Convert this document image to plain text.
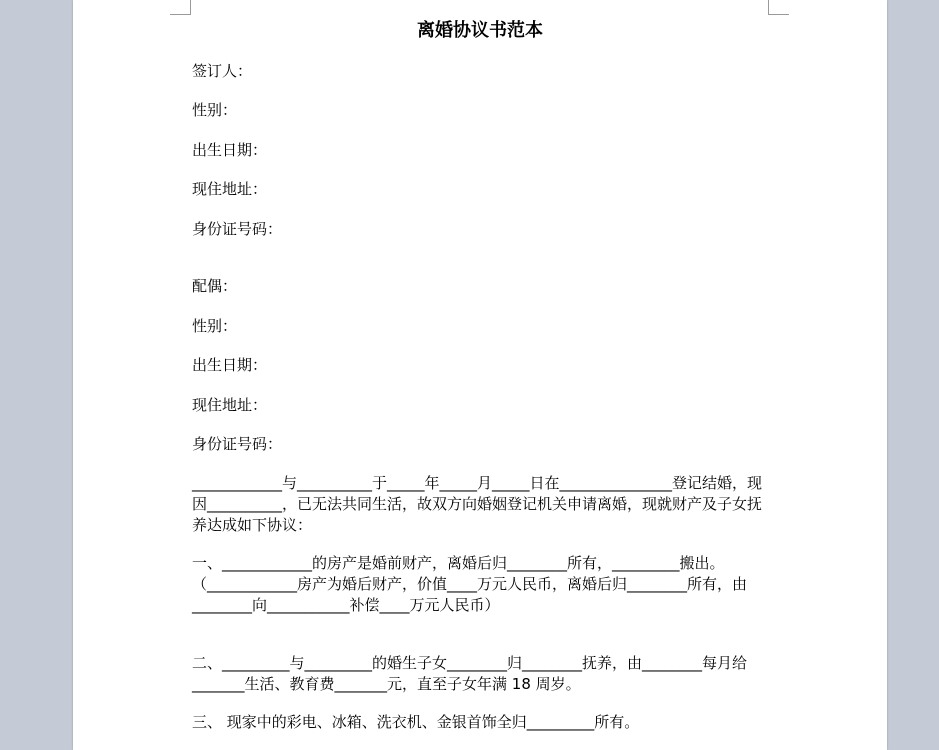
离婚协议书范本
签订人：
性别：
出生日期：
现住地址：
身份证号码：
配偶：
性别：
出生日期：
现住地址：
身份证号码：
____________与__________于_____年_____月_____日在_______________登记结婚，现因__________，已无法共同生活，故双方向婚姻登记机关申请离婚，现就财产及子女抚养达成如下协议：
一、____________的房产是婚前财产，离婚后归________所有，_________搬出。（____________房产为婚后财产，价值____万元人民币，离婚后归________所有，由________向___________补偿____万元人民币）
二、_________与_________的婚生子女________归________抚养，由________每月给_______生活、教育费_______元，直至子女年满 18 周岁。
三、 现家中的彩电、冰箱、洗衣机、金银首饰全归_________所有。
